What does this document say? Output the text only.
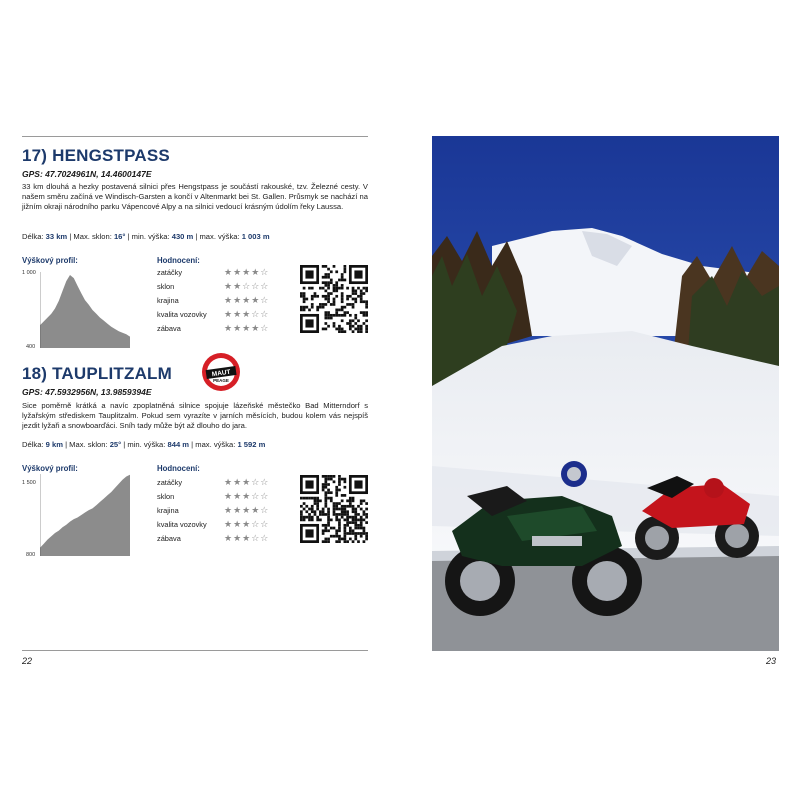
17) HENGSTPASS
GPS: 47.7024961N, 14.4600147E
33 km dlouhá a hezky postavená silnici přes Hengstpass je součástí rakouské, tzv. Železné cesty. V našem směru začíná ve Windisch-Garsten a končí v Altenmarkt bei St. Gallen. Průsmyk se nachází na jižním okraji národního parku Vápencové Alpy a na silnici vedoucí krásným údolím řeky Laussa.
Délka: 33 km | Max. sklon: 16° | min. výška: 430 m | max. výška: 1 003 m
Výškový profil:
1 000
400
Hodnocení:
zatáčky
sklon
krajina
kvalita vozovky
zábava
★★★★☆
★★☆☆☆
★★★★☆
★★★☆☆
★★★★☆
18) TAUPLITZALM	MAUT
PEAGE
GPS: 47.5932956N, 13.9859394E
Sice poměrně krátká a navíc zpoplatněná silnice spojuje lázeňské městečko Bad Mitterndorf s lyžařským střediskem Tauplitzalm. Pokud sem vyrazíte v jarních měsících, budou kolem vás nejspíš jezdit lyžaři a snowboarďáci. Sníh tady může být až dlouho do jara.
Délka: 9 km | Max. sklon: 25° | min. výška: 844 m | max. výška: 1 592 m
Výškový profil:
1 500
800
Hodnocení:
zatáčky
sklon
krajina
kvalita vozovky
zábava
★★★☆☆
★★★☆☆
★★★★☆
★★★☆☆
★★★☆☆
22	23
